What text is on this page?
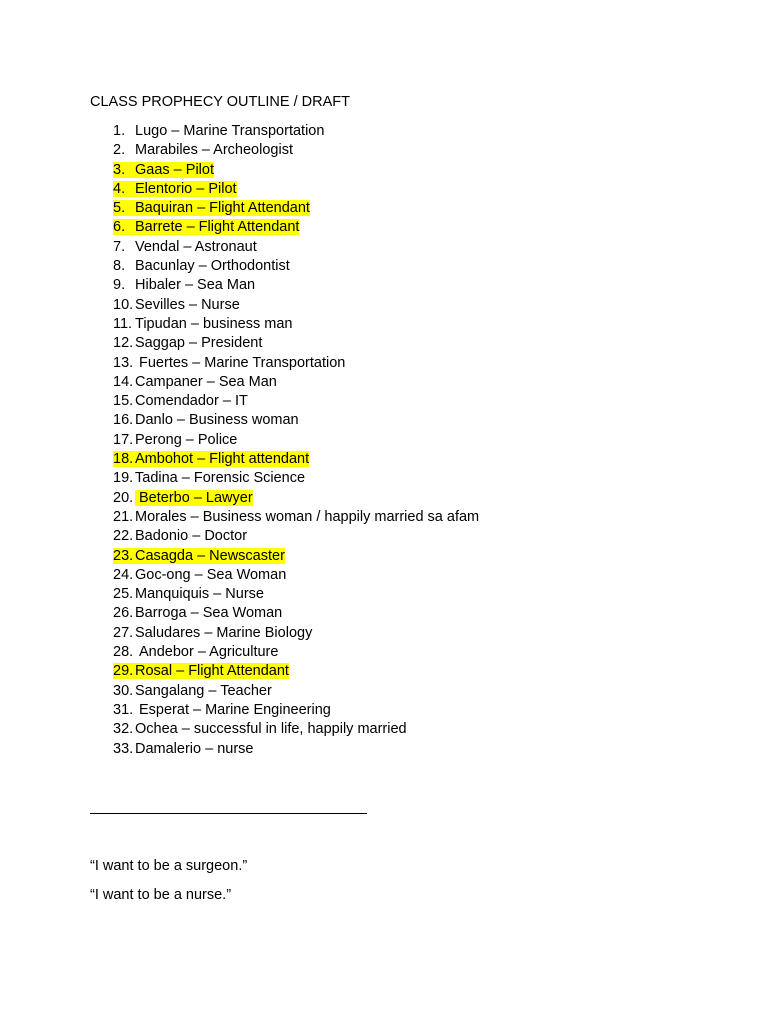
CLASS PROPHECY OUTLINE / DRAFT
1. Lugo – Marine Transportation
2. Marabiles – Archeologist
3. Gaas – Pilot
4. Elentorio – Pilot
5. Baquiran – Flight Attendant
6. Barrete – Flight Attendant
7. Vendal – Astronaut
8. Bacunlay – Orthodontist
9. Hibaler – Sea Man
10. Sevilles – Nurse
11. Tipudan – business man
12. Saggap – President
13. Fuertes – Marine Transportation
14. Campaner – Sea Man
15. Comendador – IT
16. Danlo – Business woman
17. Perong – Police
18. Ambohot – Flight attendant
19. Tadina – Forensic Science
20. Beterbo – Lawyer
21. Morales – Business woman / happily married sa afam
22. Badonio – Doctor
23. Casagda – Newscaster
24. Goc-ong – Sea Woman
25. Manquiquis – Nurse
26. Barroga – Sea Woman
27. Saludares – Marine Biology
28. Andebor – Agriculture
29. Rosal – Flight Attendant
30. Sangalang – Teacher
31. Esperat – Marine Engineering
32. Ochea – successful in life, happily married
33. Damalerio – nurse
“I want to be a surgeon.”
“I want to be a nurse.”
